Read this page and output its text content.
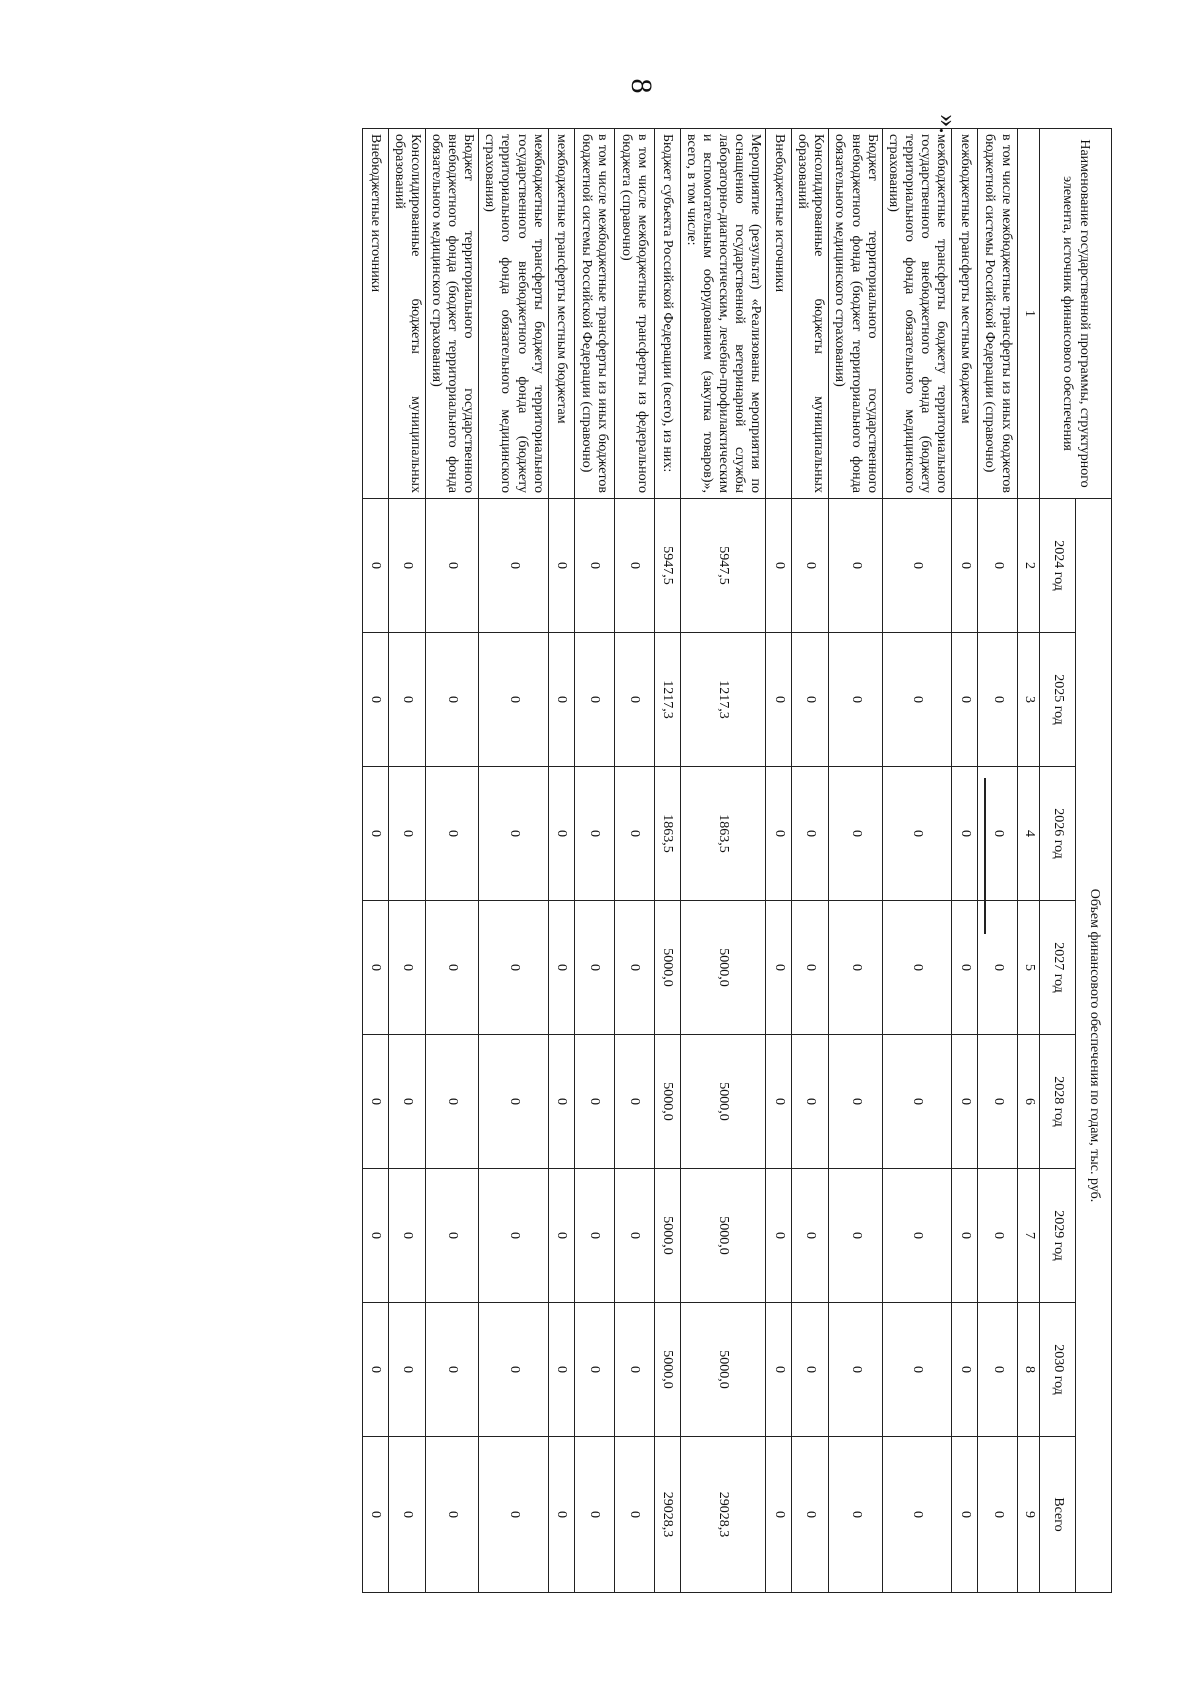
8
».
Наименование государственной программы, структурного элемента, источник финансового обеспечения	Объем финансового обеспечения по годам, тыс. руб.							
	2024 год	2025 год	2026 год	2027 год	2028 год	2029 год	2030 год	Всего
1	2	3	4	5	6	7	8	9
в том числе межбюджетные трансферты из иных бюджетов бюджетной системы Российской Федерации (справочно)	0	0	0	0	0	0	0	0
межбюджетные трансферты местным бюджетам	0	0	0	0	0	0	0	0
межбюджетные трансферты бюджету территориального государственного внебюджетного фонда (бюджету территориального фонда обязательного медицинского страхования)	0	0	0	0	0	0	0	0
Бюджет территориального государственного внебюджетного фонда (бюджет территориального фонда обязательного медицинского страхования)	0	0	0	0	0	0	0	0
Консолидированные бюджеты муниципальных образований	0	0	0	0	0	0	0	0
Внебюджетные источники	0	0	0	0	0	0	0	0
Мероприятие (результат) «Реализованы мероприятия по оснащению государственной ветеринарной службы лабораторно-диагностическим, лечебно-профилактическим и вспомогательным оборудованием (закупка товаров)», всего, в том числе:	5947,5	1217,3	1863,5	5000,0	5000,0	5000,0	5000,0	29028,3
Бюджет субъекта Российской Федерации (всего), из них:	5947,5	1217,3	1863,5	5000,0	5000,0	5000,0	5000,0	29028,3
в том числе межбюджетные трансферты из федерального бюджета (справочно)	0	0	0	0	0	0	0	0
в том числе межбюджетные трансферты из иных бюджетов бюджетной системы Российской Федерации (справочно)	0	0	0	0	0	0	0	0
межбюджетные трансферты местным бюджетам	0	0	0	0	0	0	0	0
межбюджетные трансферты бюджету территориального государственного внебюджетного фонда (бюджету территориального фонда обязательного медицинского страхования)	0	0	0	0	0	0	0	0
Бюджет территориального государственного внебюджетного фонда (бюджет территориального фонда обязательного медицинского страхования)	0	0	0	0	0	0	0	0
Консолидированные бюджеты муниципальных образований	0	0	0	0	0	0	0	0
Внебюджетные источники	0	0	0	0	0	0	0	0
